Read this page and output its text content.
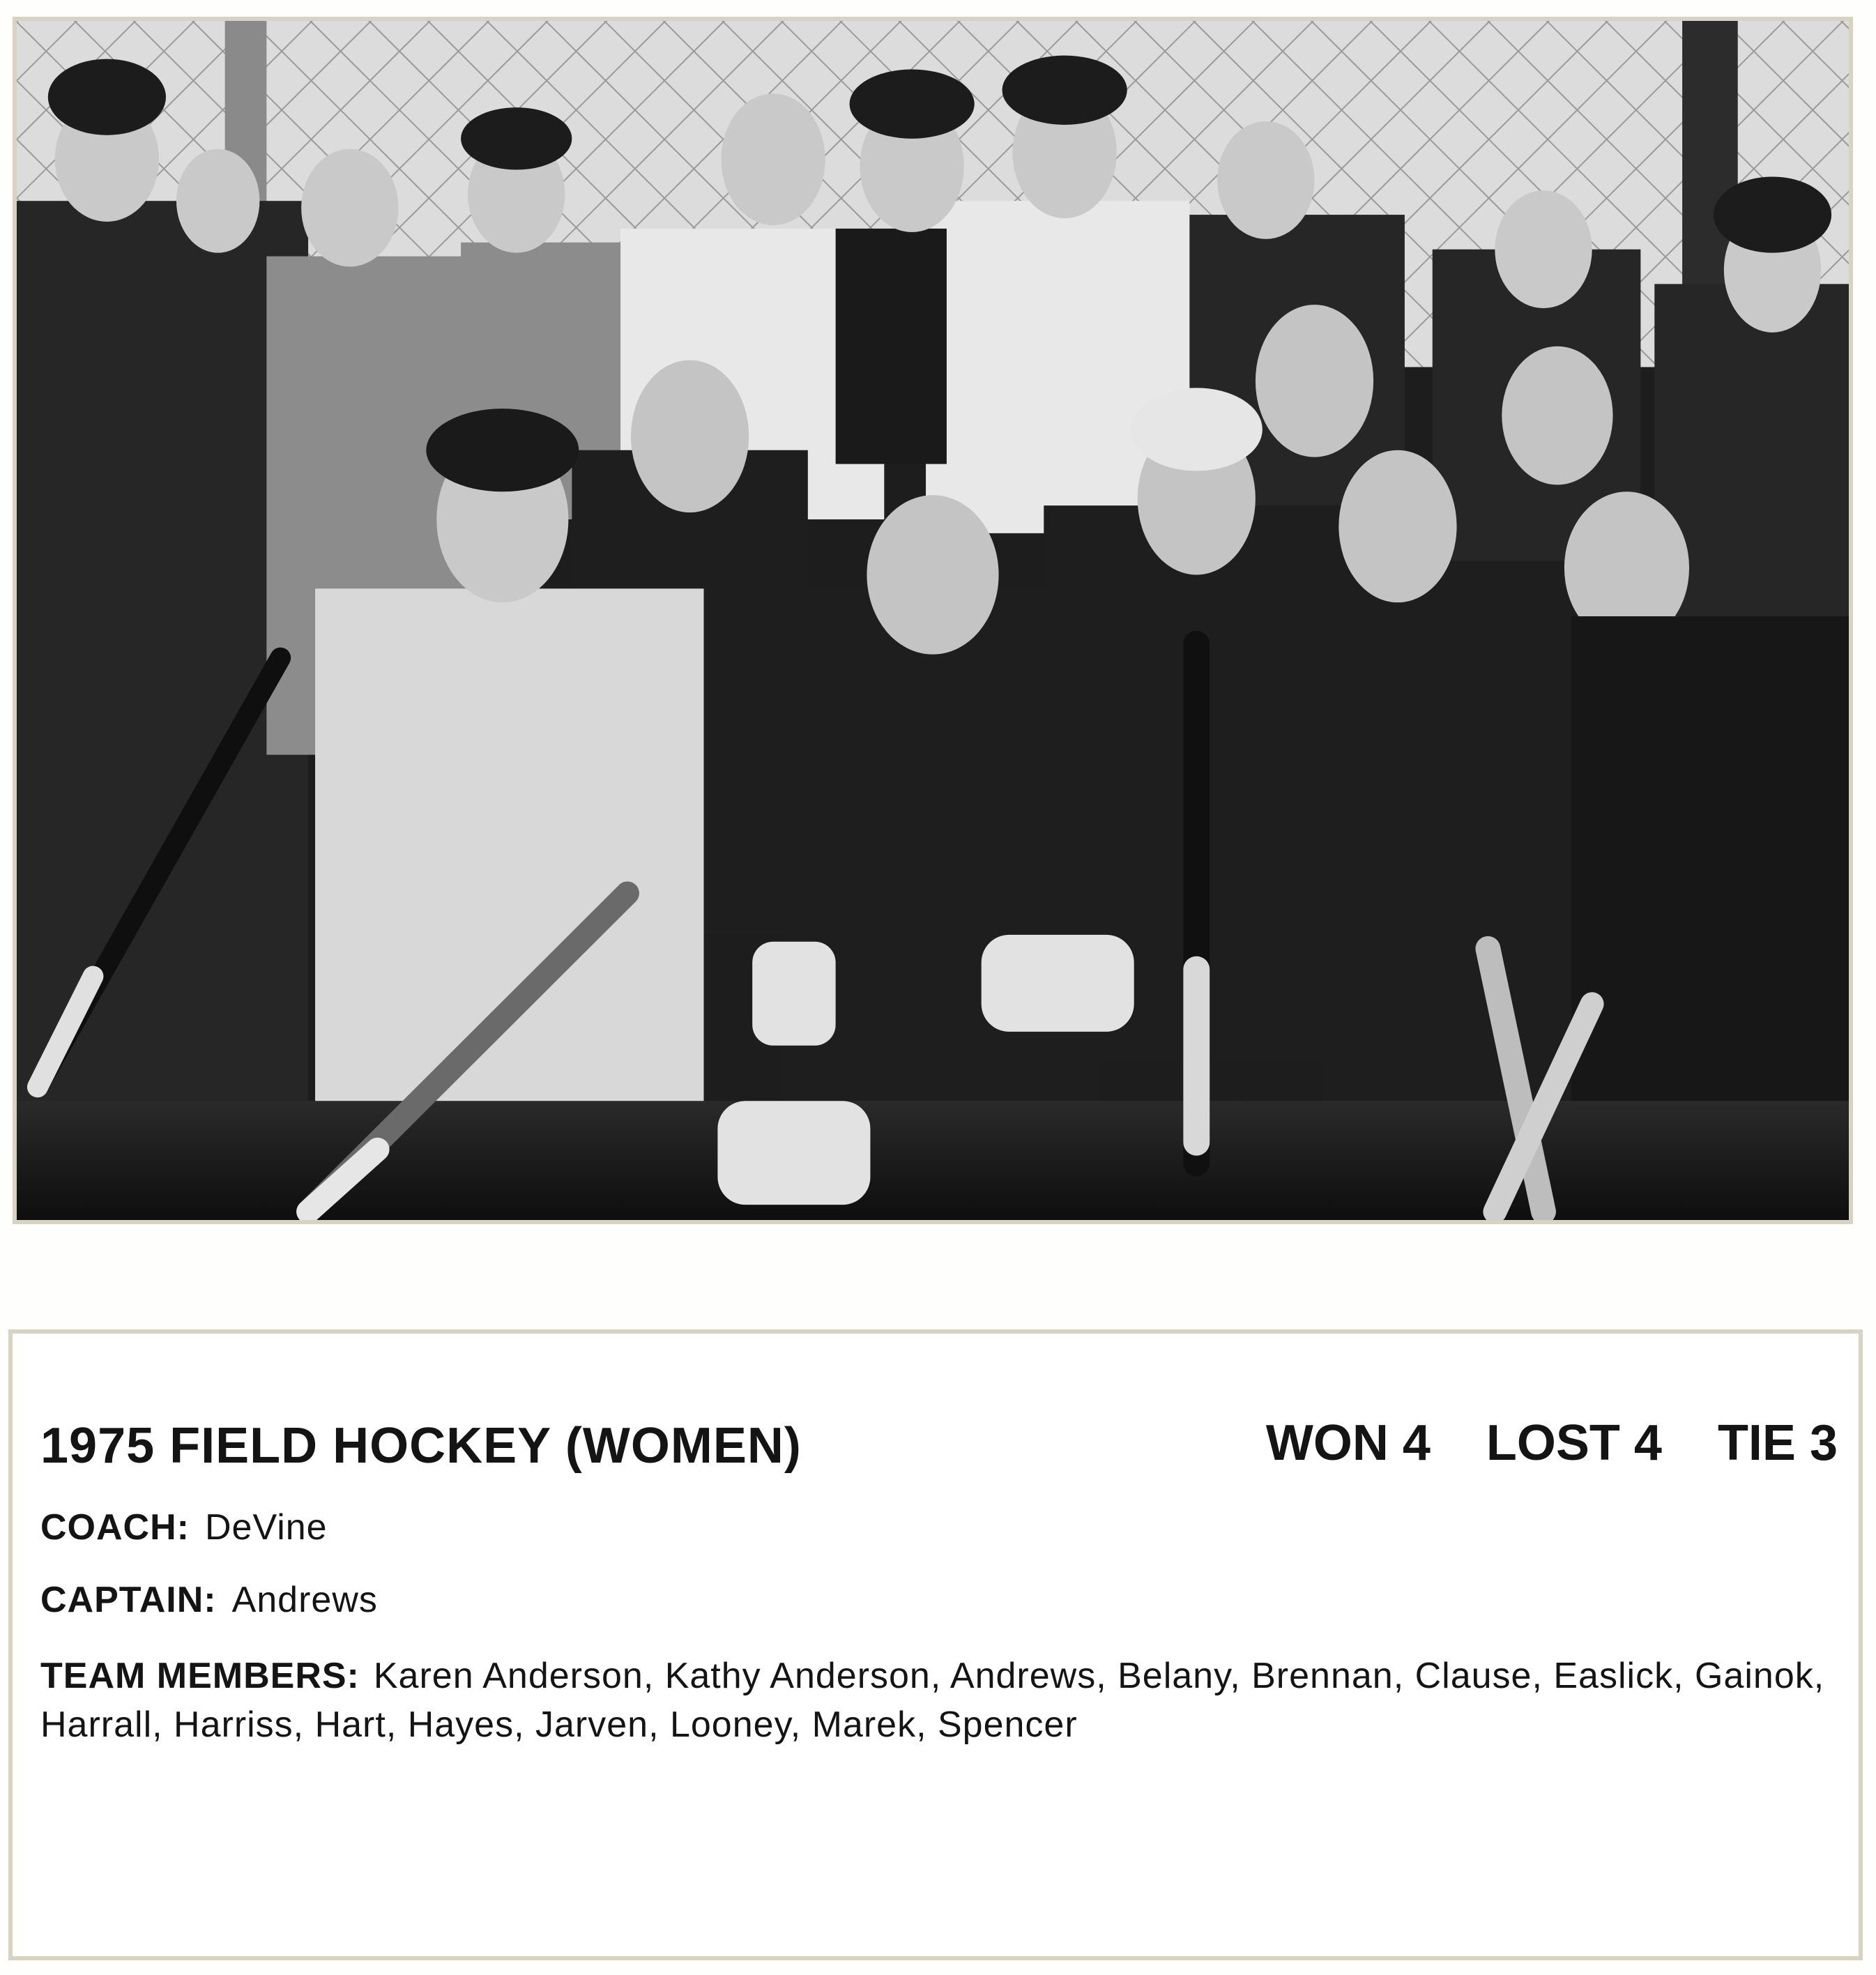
1975 FIELD HOCKEY (WOMEN)	WON 4 LOST 4 TIE 3
COACH: DeVine
CAPTAIN: Andrews
TEAM MEMBERS: Karen Anderson, Kathy Anderson, Andrews, Belany, Brennan, Clause, Easlick, Gainok, Harrall, Harriss, Hart, Hayes, Jarven, Looney, Marek, Spencer
